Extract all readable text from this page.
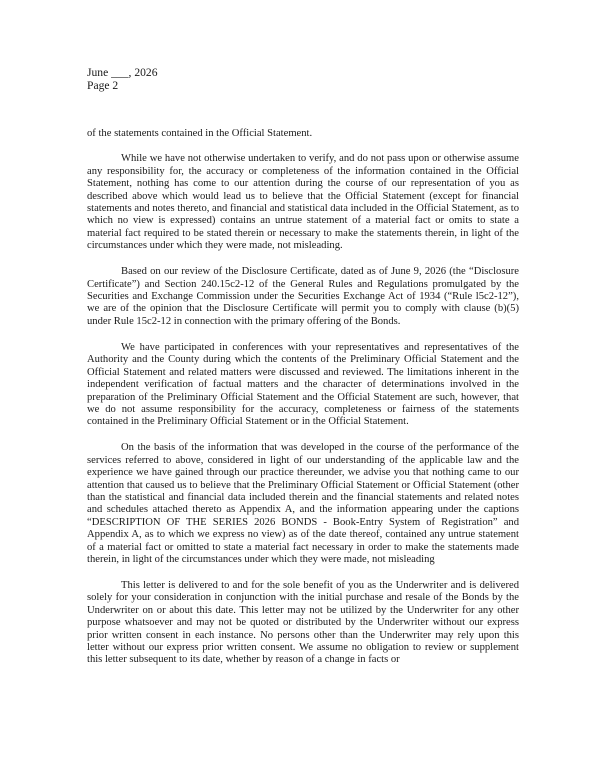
June ___, 2026
Page 2

of the statements contained in the Official Statement.

While we have not otherwise undertaken to verify, and do not pass upon or otherwise assume any responsibility for, the accuracy or completeness of the information contained in the Official Statement, nothing has come to our attention during the course of our representation of you as described above which would lead us to believe that the Official Statement (except for financial statements and notes thereto, and financial and statistical data included in the Official Statement, as to which no view is expressed) contains an untrue statement of a material fact or omits to state a material fact required to be stated therein or necessary to make the statements therein, in light of the circumstances under which they were made, not misleading.

Based on our review of the Disclosure Certificate, dated as of June 9, 2026 (the “Disclosure Certificate”) and Section 240.15c2-12 of the General Rules and Regulations promulgated by the Securities and Exchange Commission under the Securities Exchange Act of 1934 (“Rule l5c2-12”), we are of the opinion that the Disclosure Certificate will permit you to comply with clause (b)(5) under Rule 15c2-12 in connection with the primary offering of the Bonds.

We have participated in conferences with your representatives and representatives of the Authority and the County during which the contents of the Preliminary Official Statement and the Official Statement and related matters were discussed and reviewed. The limitations inherent in the independent verification of factual matters and the character of determinations involved in the preparation of the Preliminary Official Statement and the Official Statement are such, however, that we do not assume responsibility for the accuracy, completeness or fairness of the statements contained in the Preliminary Official Statement or in the Official Statement.

On the basis of the information that was developed in the course of the performance of the services referred to above, considered in light of our understanding of the applicable law and the experience we have gained through our practice thereunder, we advise you that nothing came to our attention that caused us to believe that the Preliminary Official Statement or Official Statement (other than the statistical and financial data included therein and the financial statements and related notes and schedules attached thereto as Appendix A, and the information appearing under the captions “DESCRIPTION OF THE SERIES 2026 BONDS - Book-Entry System of Registration” and Appendix A, as to which we express no view) as of the date thereof, contained any untrue statement of a material fact or omitted to state a material fact necessary in order to make the statements made therein, in light of the circumstances under which they were made, not misleading

This letter is delivered to and for the sole benefit of you as the Underwriter and is delivered solely for your consideration in conjunction with the initial purchase and resale of the Bonds by the Underwriter on or about this date. This letter may not be utilized by the Underwriter for any other purpose whatsoever and may not be quoted or distributed by the Underwriter without our express prior written consent in each instance. No persons other than the Underwriter may rely upon this letter without our express prior written consent. We assume no obligation to review or supplement this letter subsequent to its date, whether by reason of a change in facts or
